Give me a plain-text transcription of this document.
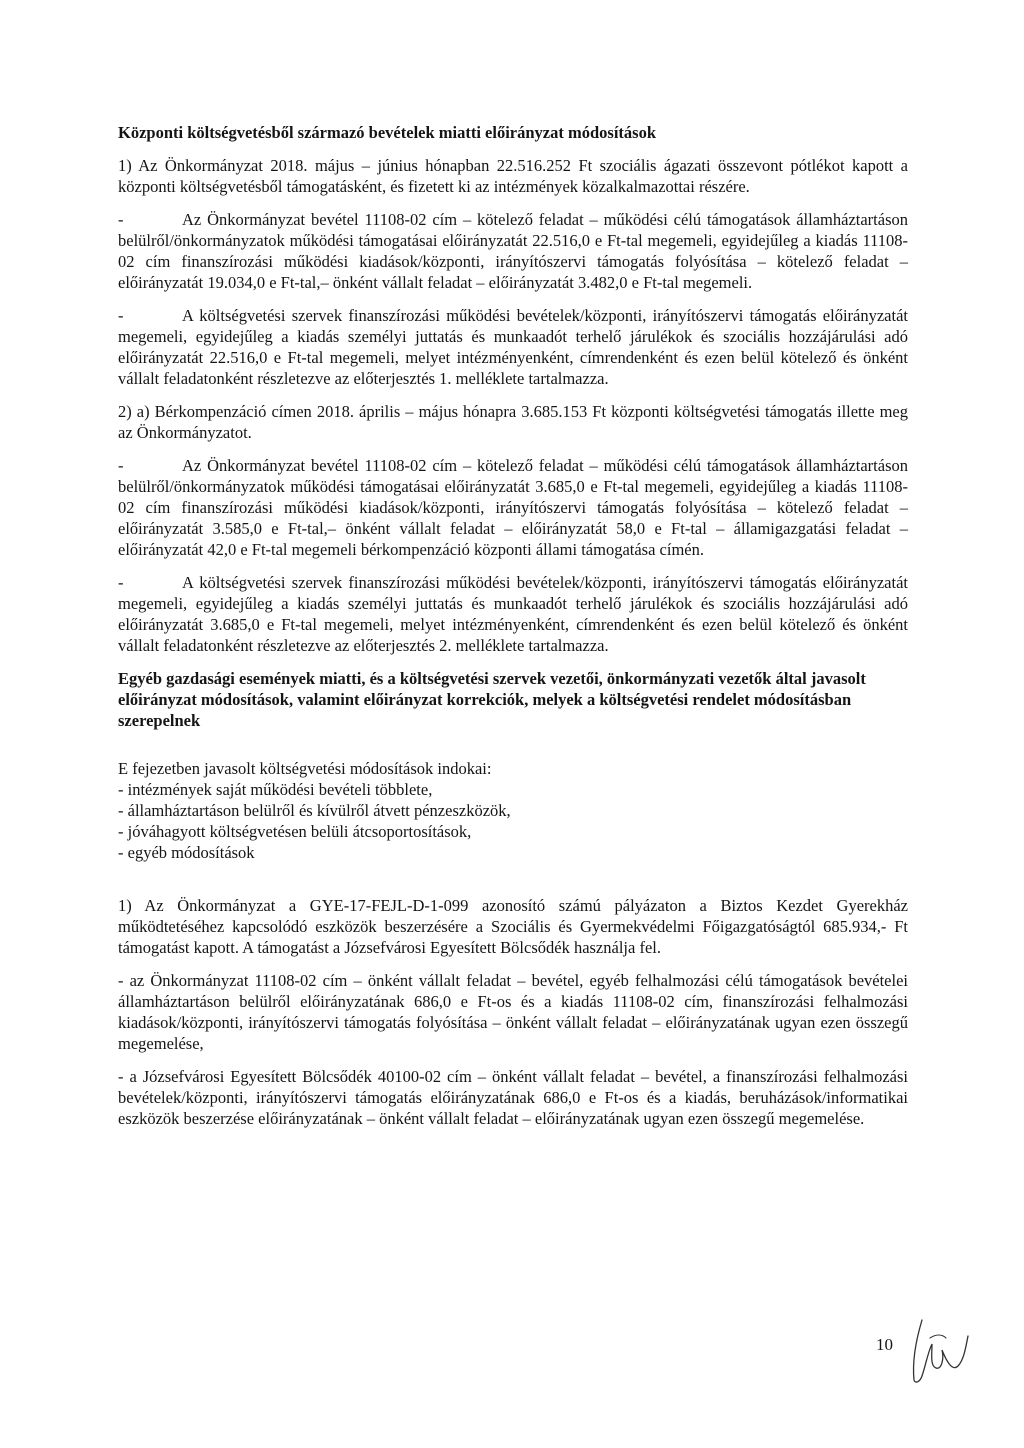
Központi költségvetésből származó bevételek miatti előirányzat módosítások

1) Az Önkormányzat 2018. május – június hónapban 22.516.252 Ft szociális ágazati összevont pótlékot kapott a központi költségvetésből támogatásként, és fizetett ki az intézmények közalkalmazottai részére.

-	Az Önkormányzat bevétel 11108-02 cím – kötelező feladat – működési célú támogatások államháztartáson belülről/önkormányzatok működési támogatásai előirányzatát 22.516,0 e Ft-tal megemeli, egyidejűleg a kiadás 11108-02 cím finanszírozási működési kiadások/központi, irányítószervi támogatás folyósítása – kötelező feladat – előirányzatát 19.034,0 e Ft-tal,– önként vállalt feladat – előirányzatát 3.482,0 e Ft-tal megemeli.

-	A költségvetési szervek finanszírozási működési bevételek/központi, irányítószervi támogatás előirányzatát megemeli, egyidejűleg a kiadás személyi juttatás és munkaadót terhelő járulékok és szociális hozzájárulási adó előirányzatát 22.516,0 e Ft-tal megemeli, melyet intézményenként, címrendenként és ezen belül kötelező és önként vállalt feladatonként részletezve az előterjesztés 1. melléklete tartalmazza.

2) a) Bérkompenzáció címen 2018. április – május hónapra 3.685.153 Ft központi költségvetési támogatás illette meg az Önkormányzatot.

-	Az Önkormányzat bevétel 11108-02 cím – kötelező feladat – működési célú támogatások államháztartáson belülről/önkormányzatok működési támogatásai előirányzatát 3.685,0 e Ft-tal megemeli, egyidejűleg a kiadás 11108-02 cím finanszírozási működési kiadások/központi, irányítószervi támogatás folyósítása – kötelező feladat – előirányzatát 3.585,0 e Ft-tal,– önként vállalt feladat – előirányzatát 58,0 e Ft-tal – államigazgatási feladat – előirányzatát 42,0 e Ft-tal megemeli bérkompenzáció központi állami támogatása címén.

-	A költségvetési szervek finanszírozási működési bevételek/központi, irányítószervi támogatás előirányzatát megemeli, egyidejűleg a kiadás személyi juttatás és munkaadót terhelő járulékok és szociális hozzájárulási adó előirányzatát 3.685,0 e Ft-tal megemeli, melyet intézményenként, címrendenként és ezen belül kötelező és önként vállalt feladatonként részletezve az előterjesztés 2. melléklete tartalmazza.

Egyéb gazdasági események miatti, és a költségvetési szervek vezetői, önkormányzati vezetők által javasolt előirányzat módosítások, valamint előirányzat korrekciók, melyek a költségvetési rendelet módosításban szerepelnek

E fejezetben javasolt költségvetési módosítások indokai:

- intézmények saját működési bevételi többlete,
- államháztartáson belülről és kívülről átvett pénzeszközök,
- jóváhagyott költségvetésen belüli átcsoportosítások,
- egyéb módosítások

1) Az Önkormányzat a GYE-17-FEJL-D-1-099 azonosító számú pályázaton a Biztos Kezdet Gyerekház működtetéséhez kapcsolódó eszközök beszerzésére a Szociális és Gyermekvédelmi Főigazgatóságtól 685.934,- Ft támogatást kapott. A támogatást a Józsefvárosi Egyesített Bölcsődék használja fel.

- az Önkormányzat 11108-02 cím – önként vállalt feladat – bevétel, egyéb felhalmozási célú támogatások bevételei államháztartáson belülről előirányzatának 686,0 e Ft-os és a kiadás 11108-02 cím, finanszírozási felhalmozási kiadások/központi, irányítószervi támogatás folyósítása – önként vállalt feladat – előirányzatának ugyan ezen összegű megemelése,

- a Józsefvárosi Egyesített Bölcsődék 40100-02 cím – önként vállalt feladat – bevétel, a finanszírozási felhalmozási bevételek/központi, irányítószervi támogatás előirányzatának 686,0 e Ft-os és a kiadás, beruházások/informatikai eszközök beszerzése előirányzatának – önként vállalt feladat – előirányzatának ugyan ezen összegű megemelése.

10
